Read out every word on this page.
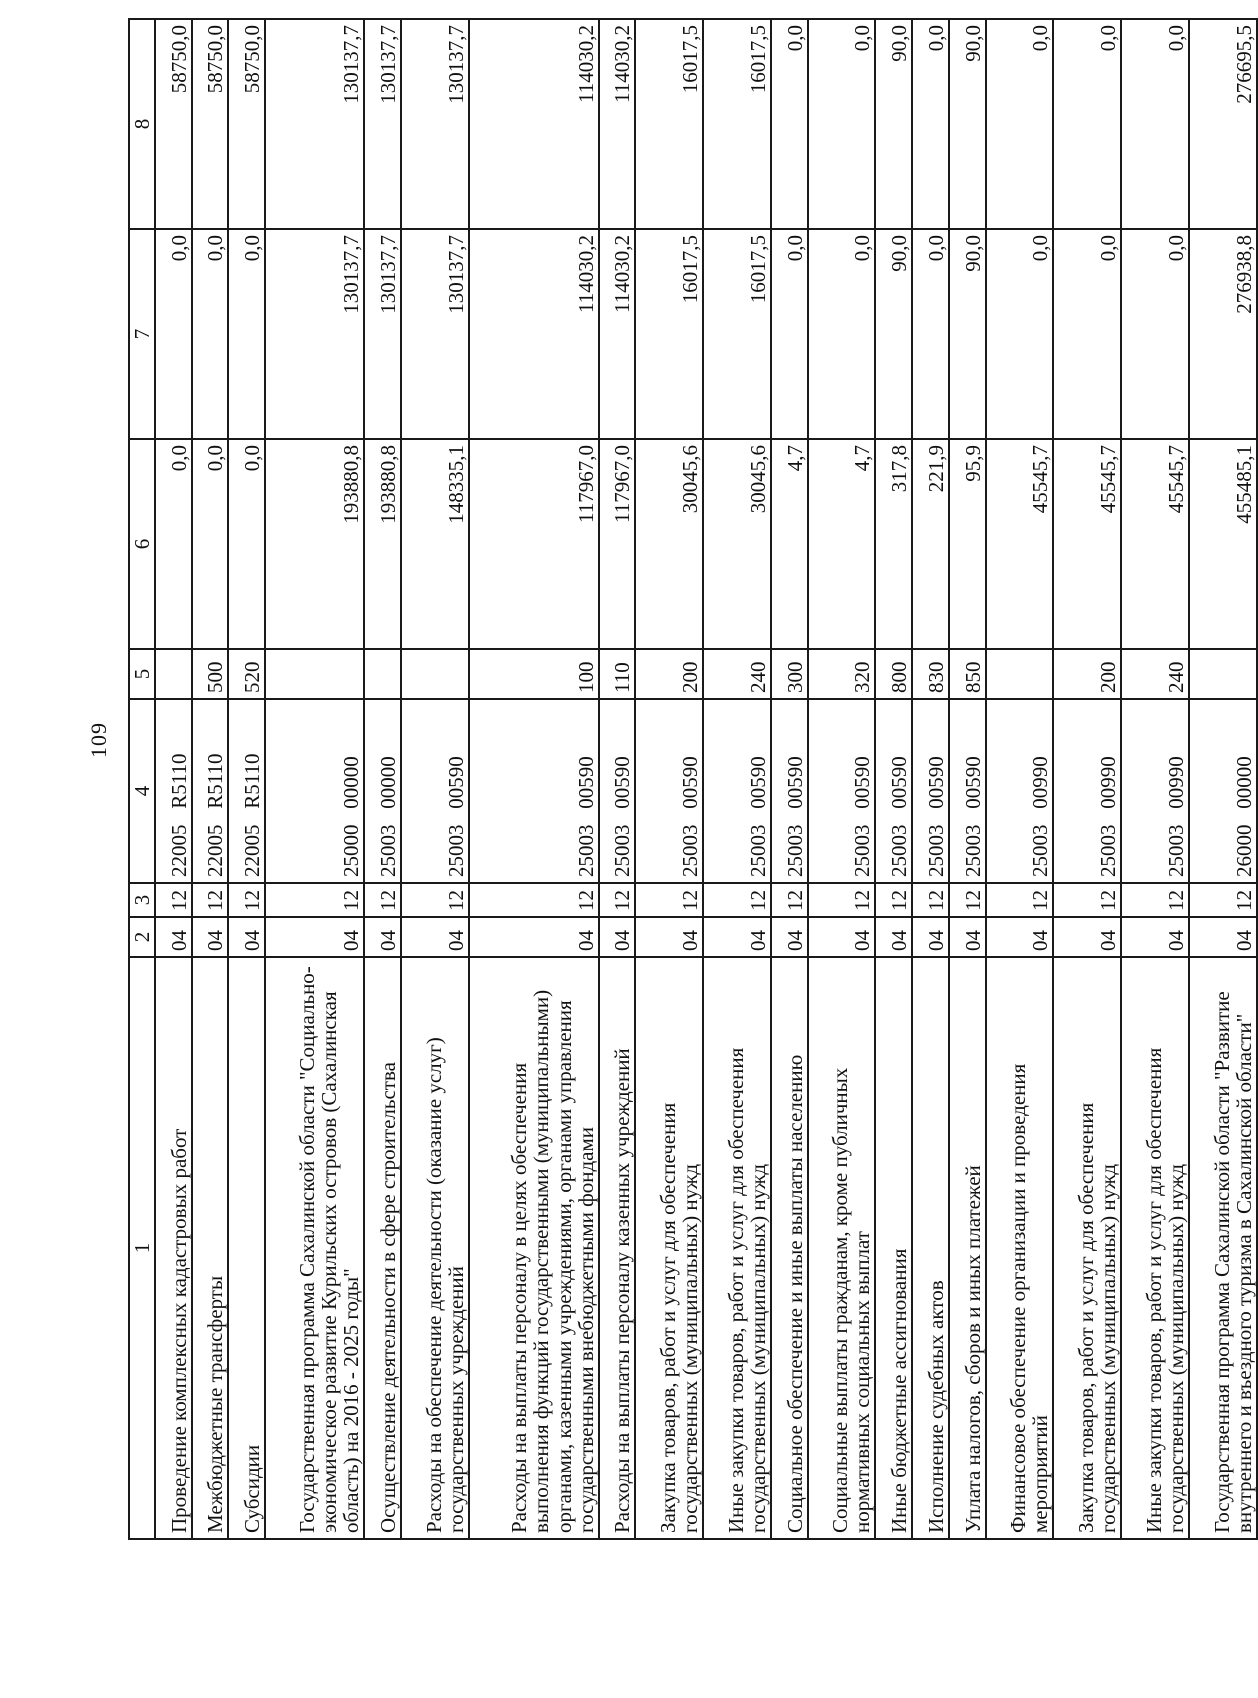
109
1	2	3	4	5	6	7	8
Проведение комплексных кадастровых работ	04	12	22005   R5110		0,0	0,0	58750,0
Межбюджетные трансферты	04	12	22005   R5110	500	0,0	0,0	58750,0
Субсидии	04	12	22005   R5110	520	0,0	0,0	58750,0
Государственная программа Сахалинской области "Социально-экономическое развитие Курильских островов (Сахалинская область) на 2016 - 2025 годы"	04	12	25000   00000		193880,8	130137,7	130137,7
Осуществление деятельности в сфере строительства	04	12	25003   00000		193880,8	130137,7	130137,7
Расходы на обеспечение деятельности (оказание услуг) государственных учреждений	04	12	25003   00590		148335,1	130137,7	130137,7
Расходы на выплаты персоналу в целях обеспечения выполнения функций государственными (муниципальными) органами, казенными учреждениями, органами управления государственными внебюджетными фондами	04	12	25003   00590	100	117967,0	114030,2	114030,2
Расходы на выплаты персоналу казенных учреждений	04	12	25003   00590	110	117967,0	114030,2	114030,2
Закупка товаров, работ и услуг для обеспечения государственных (муниципальных) нужд	04	12	25003   00590	200	30045,6	16017,5	16017,5
Иные закупки товаров, работ и услуг для обеспечения государственных (муниципальных) нужд	04	12	25003   00590	240	30045,6	16017,5	16017,5
Социальное обеспечение и иные выплаты населению	04	12	25003   00590	300	4,7	0,0	0,0
Социальные выплаты гражданам, кроме публичных нормативных социальных выплат	04	12	25003   00590	320	4,7	0,0	0,0
Иные бюджетные ассигнования	04	12	25003   00590	800	317,8	90,0	90,0
Исполнение судебных актов	04	12	25003   00590	830	221,9	0,0	0,0
Уплата налогов, сборов и иных платежей	04	12	25003   00590	850	95,9	90,0	90,0
Финансовое обеспечение организации и проведения мероприятий	04	12	25003   00990		45545,7	0,0	0,0
Закупка товаров, работ и услуг для обеспечения государственных (муниципальных) нужд	04	12	25003   00990	200	45545,7	0,0	0,0
Иные закупки товаров, работ и услуг для обеспечения государственных (муниципальных) нужд	04	12	25003   00990	240	45545,7	0,0	0,0
Государственная программа Сахалинской области "Развитие внутреннего и въездного туризма в Сахалинской области"	04	12	26000   00000		455485,1	276938,8	276695,5
